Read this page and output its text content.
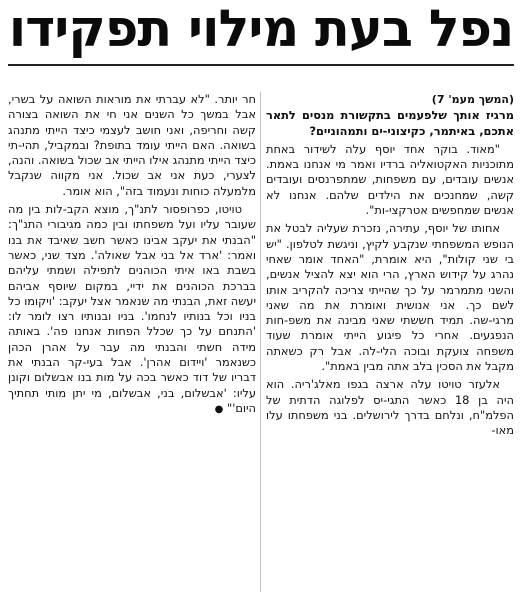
נפל בעת מילוי תפקידו
(המשך מעמ' 7)

מרגיז אותך שלפעמים בתקשורת מנסים לתאר אתכם, באיתמר, כקיצוני-ים ותמהוניים?

"מאוד. בוקר אחד יוסף עלה לשידור באחת מתוכניות האקטואליה ברדיו ואמר מי אנחנו באמת. אנשים עובדים, עם משפחות, שמתפרנסים ועובדים קשה, שמחנכים את הילדים שלהם. אנחנו לא אנשים שמחפשים אטרקצי-ות".

אחותו של יוסף, עתירה, נזכרת שעליה לבטל את הנופש המשפחתי שנקבע לקיץ, וניגשת לטלפון. "יש בי שני קולות", היא אומרת, "האחד אומר שאחי נהרג על קידוש הארץ, הרי הוא יצא להציל אנשים, והשני מתמרמר על כך שהייתי צריכה להקריב אותו לשם כך. אני אנושית ואומרת את מה שאני מרגי-שה. תמיד חששתי שאני מבינה את משפ-חות הנפגעים. אחרי כל פיגוע הייתי אומרת שעוד משפחה צועקת ובוכה הלי-לה. אבל רק כשאתה מקבל את הסכין בלב אתה מבין באמת".

אלעזר טויטו עלה ארצה בגפו מאלג'ריה. הוא היה בן 18 כאשר התגי-יס לפלוגה הדתית של הפלמ"ח, ונלחם בדרך לירושלים. בני משפחתו עלו מאו-

חר יותר. "לא עברתי את מוראות השואה על בשרי, אבל במשך כל השנים אני חי את השואה בצורה קשה וחריפה, ואני חושב לעצמי כיצד הייתי מתנהג בשואה. האם הייתי עומד בתופת? ובמקביל, תהי-תי כיצד הייתי מתנהג אילו הייתי אב שכול בשואה. והנה, לצערי, כעת אני אב שכול. אני מקווה שנקבל מלמעלה כוחות ונעמוד בזה", הוא אומר.

טויטו, כפרופסור לתנ"ך, מוצא הקב-לות בין מה שעובר עליו ועל משפחתו ובין כמה מגיבורי התנ"ך: "הבנתי את יעקב אבינו כאשר חשב שאיבד את בנו ואמר: 'ארד אל בני אבל שאולה'. מצד שני, כאשר בשבת באו איתי הכוהנים לתפילה ושמתי עליהם בברכת הכוהנים את ידיי, במקום שיוסף אביהם יעשה זאת, הבנתי מה שנאמר אצל יעקב: 'ויקומו כל בניו וכל בנותיו לנחמו'. בניו ובנותיו רצו לומר לו: 'התנחם על כך שכלל הפחות אנחנו פה'. באותה מידה חשתי והבנתי מה עבר על אהרן הכהן כשנאמר 'ויידום אהרן'. אבל בעי-קר הבנתי את דבריו של דוד כאשר בכה על מות בנו אבשלום וקונן עליו: 'אבשלום, בני, אבשלום, מי יתן מותי תחתיך היום'" ●
